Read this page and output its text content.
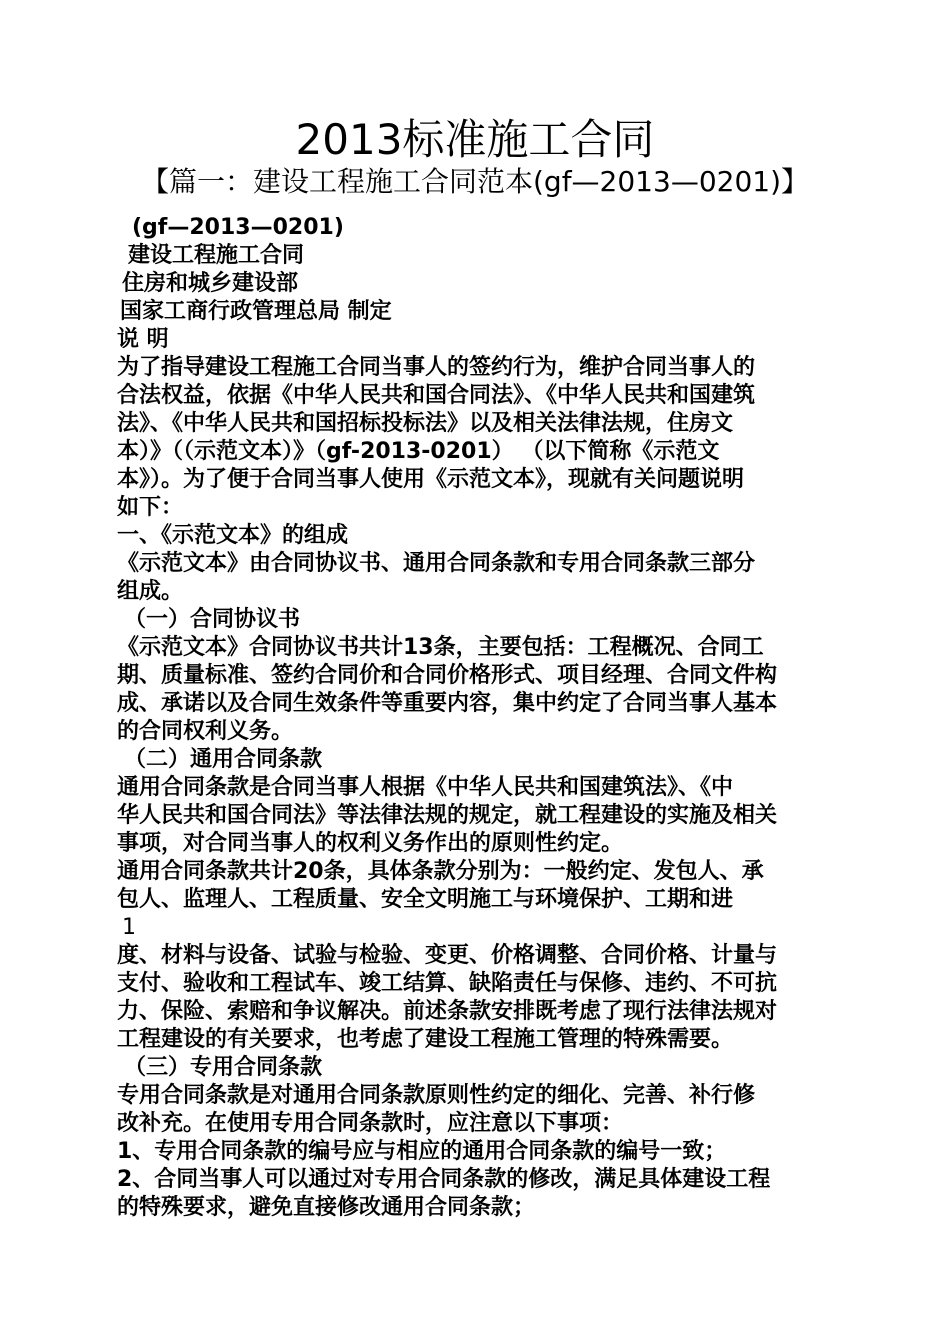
2013标准施工合同
【篇一：建设工程施工合同范本(gf—2013—0201)】
(gf—2013—0201)
建设工程施工合同
住房和城乡建设部
国家工商行政管理总局 制定
说 明
为了指导建设工程施工合同当事人的签约行为，维护合同当事人的
合法权益，依据《中华人民共和国合同法》、《中华人民共和国建筑
法》、《中华人民共和国招标投标法》以及相关法律法规，住房文
本）》（（示范文本）》（gf-2013-0201） （以下简称《示范文
本》）。为了便于合同当事人使用《示范文本》，现就有关问题说明
如下：
一、《示范文本》的组成
《示范文本》由合同协议书、通用合同条款和专用合同条款三部分
组成。
（一）合同协议书
《示范文本》合同协议书共计13条，主要包括：工程概况、合同工
期、质量标准、签约合同价和合同价格形式、项目经理、合同文件构
成、承诺以及合同生效条件等重要内容，集中约定了合同当事人基本
的合同权利义务。
（二）通用合同条款
通用合同条款是合同当事人根据《中华人民共和国建筑法》、《中
华人民共和国合同法》等法律法规的规定，就工程建设的实施及相关
事项，对合同当事人的权利义务作出的原则性约定。
通用合同条款共计20条，具体条款分别为：一般约定、发包人、承
包人、监理人、工程质量、安全文明施工与环境保护、工期和进
1
度、材料与设备、试验与检验、变更、价格调整、合同价格、计量与
支付、验收和工程试车、竣工结算、缺陷责任与保修、违约、不可抗
力、保险、索赔和争议解决。前述条款安排既考虑了现行法律法规对
工程建设的有关要求，也考虑了建设工程施工管理的特殊需要。
（三）专用合同条款
专用合同条款是对通用合同条款原则性约定的细化、完善、补行修
改补充。在使用专用合同条款时，应注意以下事项：
1、专用合同条款的编号应与相应的通用合同条款的编号一致；
2、合同当事人可以通过对专用合同条款的修改，满足具体建设工程
的特殊要求，避免直接修改通用合同条款；
